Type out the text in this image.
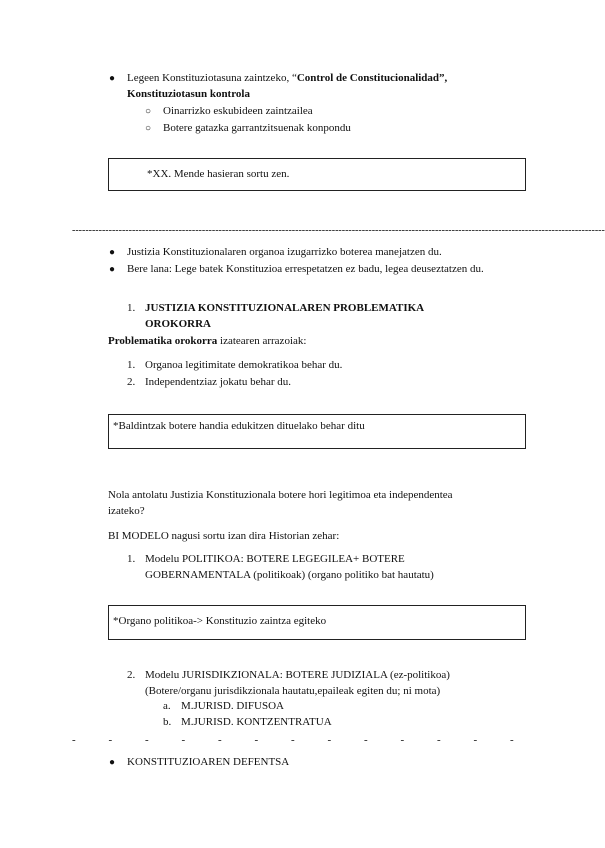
● Legeen Konstituziotasuna zaintzeko, “Control de Constitucionalidad”,
Konstituziotasun kontrola
○ Oinarrizko eskubideen zaintzailea
○ Botere gatazka garrantzitsuenak konpondu
*XX. Mende hasieran sortu zen.
----------------------------------------------------------------------------------------------------------------------------------------------------------------
● Justizia Konstituzionalaren organoa izugarrizko boterea manejatzen du.
● Bere lana: Lege batek Konstituzioa errespetatzen ez badu, legea deuseztatzen du.
1. JUSTIZIA KONSTITUZIONALAREN PROBLEMATIKA
OROKORRA
Problematika orokorra izatearen arrazoiak:
1. Organoa legitimitate demokratikoa behar du.
2. Independentziaz jokatu behar du.
*Baldintzak botere handia edukitzen dituelako behar ditu
Nola antolatu Justizia Konstituzionala botere hori legitimoa eta independentea
izateko?
BI MODELO nagusi sortu izan dira Historian zehar:
1. Modelu POLITIKOA: BOTERE LEGEGILEA+ BOTERE
GOBERNAMENTALA (politikoak) (organo politiko bat hautatu)
*Organo politikoa-> Konstituzio zaintza egiteko
2. Modelu JURISDIKZIONALA: BOTERE JUDIZIALA (ez-politikoa)
(Botere/organu jurisdikzionala hautatu,epaileak egiten du; ni mota)
a. M.JURISD. DIFUSOA
b. M.JURISD. KONTZENTRATUA
-	-	-	-	-	-	-	-	-	-	-	-	-
● KONSTITUZIOAREN DEFENTSA
